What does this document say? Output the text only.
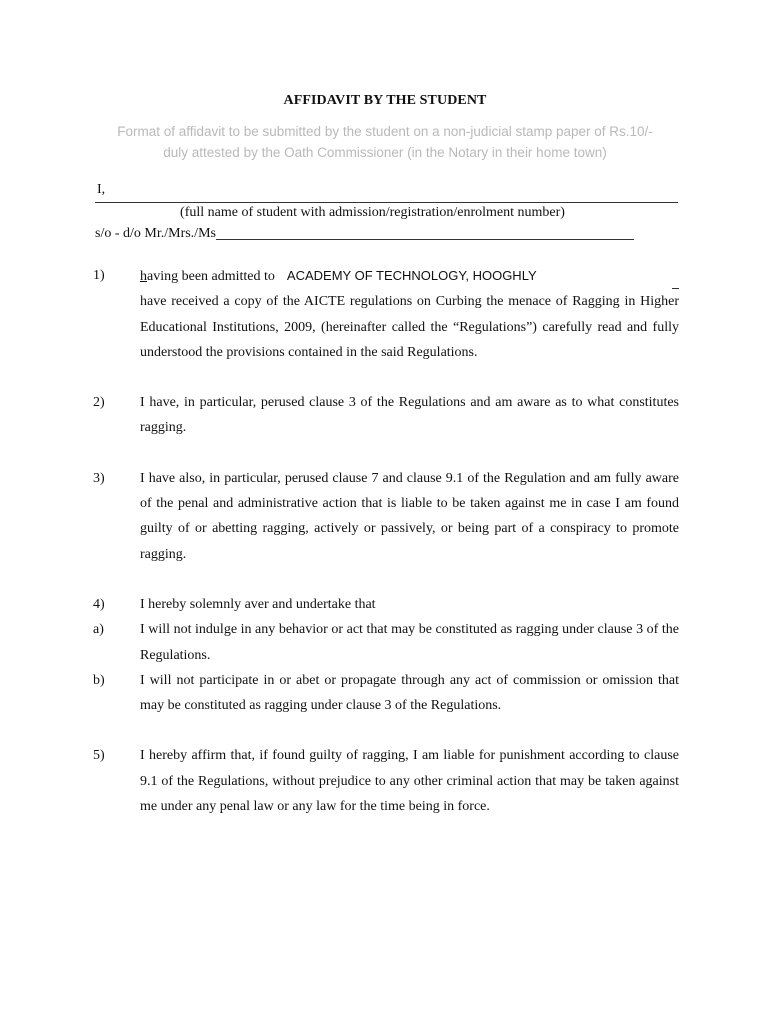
AFFIDAVIT BY THE STUDENT
Format of affidavit to be submitted by the student on a non-judicial stamp paper of Rs.10/-
duly attested by the Oath Commissioner (in the Notary in their home town)
I,
(full name of student with admission/registration/enrolment number)
s/o - d/o Mr./Mrs./Ms
1)	having been admitted to ACADEMY OF TECHNOLOGY, HOOGHLY
have received a copy of the AICTE regulations on Curbing the menace of Ragging in Higher Educational Institutions, 2009, (hereinafter called the “Regulations”) carefully read and fully understood the provisions contained in the said Regulations.
2)	I have, in particular, perused clause 3 of the Regulations and am aware as to what constitutes ragging.
3)	I have also, in particular, perused clause 7 and clause 9.1 of the Regulation and am fully aware of the penal and administrative action that is liable to be taken against me in case I am found guilty of or abetting ragging, actively or passively, or being part of a conspiracy to promote ragging.
4)	I hereby solemnly aver and undertake that
a)	I will not indulge in any behavior or act that may be constituted as ragging under clause 3 of the Regulations.
b)	I will not participate in or abet or propagate through any act of commission or omission that may be constituted as ragging under clause 3 of the Regulations.
5)	I hereby affirm that, if found guilty of ragging, I am liable for punishment according to clause 9.1 of the Regulations, without prejudice to any other criminal action that may be taken against me under any penal law or any law for the time being in force.
